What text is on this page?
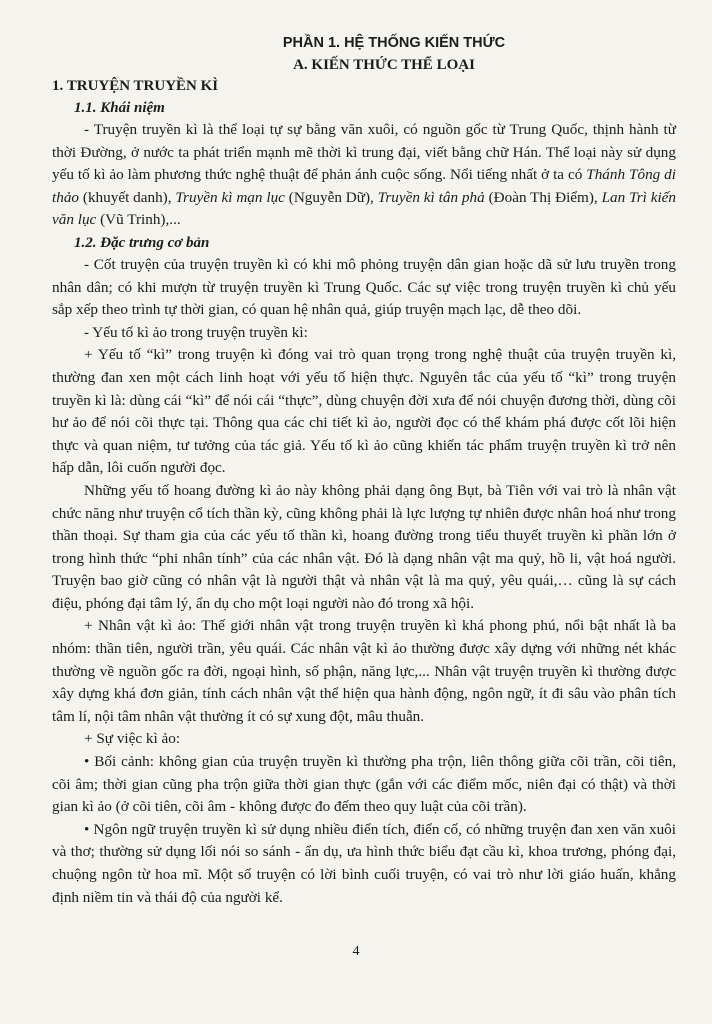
PHẦN 1. HỆ THỐNG KIẾN THỨC
A. KIẾN THỨC THỂ LOẠI
1. TRUYỆN TRUYỀN KÌ
1.1. Khái niệm

- Truyện truyền kì là thể loại tự sự bằng văn xuôi, có nguồn gốc từ Trung Quốc, thịnh hành từ thời Đường, ở nước ta phát triển mạnh mẽ thời kì trung đại, viết bằng chữ Hán. Thể loại này sử dụng yếu tố kì ảo làm phương thức nghệ thuật để phản ánh cuộc sống. Nổi tiếng nhất ở ta có Thánh Tông di thảo (khuyết danh), Truyền kì mạn lục (Nguyễn Dữ), Truyền kì tân phả (Đoàn Thị Điểm), Lan Trì kiến văn lục (Vũ Trinh),...

1.2. Đặc trưng cơ bản

- Cốt truyện của truyện truyền kì có khi mô phỏng truyện dân gian hoặc dã sử lưu truyền trong nhân dân; có khi mượn từ truyện truyền kì Trung Quốc. Các sự việc trong truyện truyền kì chủ yếu sắp xếp theo trình tự thời gian, có quan hệ nhân quả, giúp truyện mạch lạc, dễ theo dõi.

- Yếu tố kì ảo trong truyện truyền kì:

+ Yếu tố “kì” trong truyện kì đóng vai trò quan trọng trong nghệ thuật của truyện truyền kì, thường đan xen một cách linh hoạt với yếu tố hiện thực. Nguyên tắc của yếu tố “kì” trong truyện truyền kì là: dùng cái “kì” để nói cái “thực”, dùng chuyện đời xưa để nói chuyện đương thời, dùng cõi hư ảo để nói cõi thực tại. Thông qua các chi tiết kì ảo, người đọc có thể khám phá được cốt lõi hiện thực và quan niệm, tư tưởng của tác giả. Yếu tố kì ảo cũng khiến tác phẩm truyện truyền kì trở nên hấp dẫn, lôi cuốn người đọc.

Những yếu tố hoang đường kì ảo này không phải dạng ông Bụt, bà Tiên với vai trò là nhân vật chức năng như truyện cổ tích thần kỳ, cũng không phải là lực lượng tự nhiên được nhân hoá như trong thần thoại. Sự tham gia của các yếu tố thần kì, hoang đường trong tiểu thuyết truyền kì phần lớn ở trong hình thức “phi nhân tính” của các nhân vật. Đó là dạng nhân vật ma quỷ, hồ li, vật hoá người. Truyện bao giờ cũng có nhân vật là người thật và nhân vật là ma quỷ, yêu quái,… cũng là sự cách điệu, phóng đại tâm lý, ẩn dụ cho một loại người nào đó trong xã hội.

+ Nhân vật kì ảo: Thế giới nhân vật trong truyện truyền kì khá phong phú, nổi bật nhất là ba nhóm: thần tiên, người trần, yêu quái. Các nhân vật kì ảo thường được xây dựng với những nét khác thường về nguồn gốc ra đời, ngoại hình, số phận, năng lực,... Nhân vật truyện truyền kì thường được xây dựng khá đơn giản, tính cách nhân vật thể hiện qua hành động, ngôn ngữ, ít đi sâu vào phân tích tâm lí, nội tâm nhân vật thường ít có sự xung đột, mâu thuẫn.

+ Sự việc kì ảo:

• Bối cảnh: không gian của truyện truyền kì thường pha trộn, liên thông giữa cõi trần, cõi tiên, cõi âm; thời gian cũng pha trộn giữa thời gian thực (gắn với các điểm mốc, niên đại có thật) và thời gian kì ảo (ở cõi tiên, cõi âm - không được đo đếm theo quy luật của cõi trần).

• Ngôn ngữ truyện truyền kì sử dụng nhiều điển tích, điển cố, có những truyện đan xen văn xuôi và thơ; thường sử dụng lối nói so sánh - ẩn dụ, ưa hình thức biểu đạt cầu kì, khoa trương, phóng đại, chuộng ngôn từ hoa mĩ. Một số truyện có lời bình cuối truyện, có vai trò như lời giáo huấn, khẳng định niềm tin và thái độ của người kể.

4
